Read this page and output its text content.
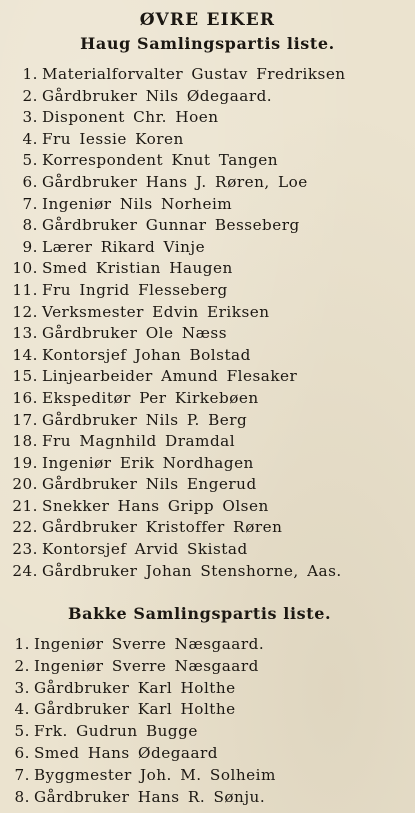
ØVRE EIKER
Haug Samlingspartis liste.
1. Materialforvalter Gustav Fredriksen
2. Gårdbruker Nils Ødegaard.
3. Disponent Chr. Hoen
4. Fru Iessie Koren
5. Korrespondent Knut Tangen
6. Gårdbruker Hans J. Røren, Loe
7. Ingeniør Nils Norheim
8. Gårdbruker Gunnar Besseberg
9. Lærer Rikard Vinje
10. Smed Kristian Haugen
11. Fru Ingrid Flesseberg
12. Verksmester Edvin Eriksen
13. Gårdbruker Ole Næss
14. Kontorsjef Johan Bolstad
15. Linjearbeider Amund Flesaker
16. Ekspeditør Per Kirkebøen
17. Gårdbruker Nils P. Berg
18. Fru Magnhild Dramdal
19. Ingeniør Erik Nordhagen
20. Gårdbruker Nils Engerud
21. Snekker Hans Gripp Olsen
22. Gårdbruker Kristoffer Røren
23. Kontorsjef Arvid Skistad
24. Gårdbruker Johan Stenshorne, Aas.
Bakke Samlingspartis liste.
1. Ingeniør Sverre Næsgaard.
2. Ingeniør Sverre Næsgaard
3. Gårdbruker Karl Holthe
4. Gårdbruker Karl Holthe
5. Frk. Gudrun Bugge
6. Smed Hans Ødegaard
7. Byggmester Joh. M. Solheim
8. Gårdbruker Hans R. Sønju.
